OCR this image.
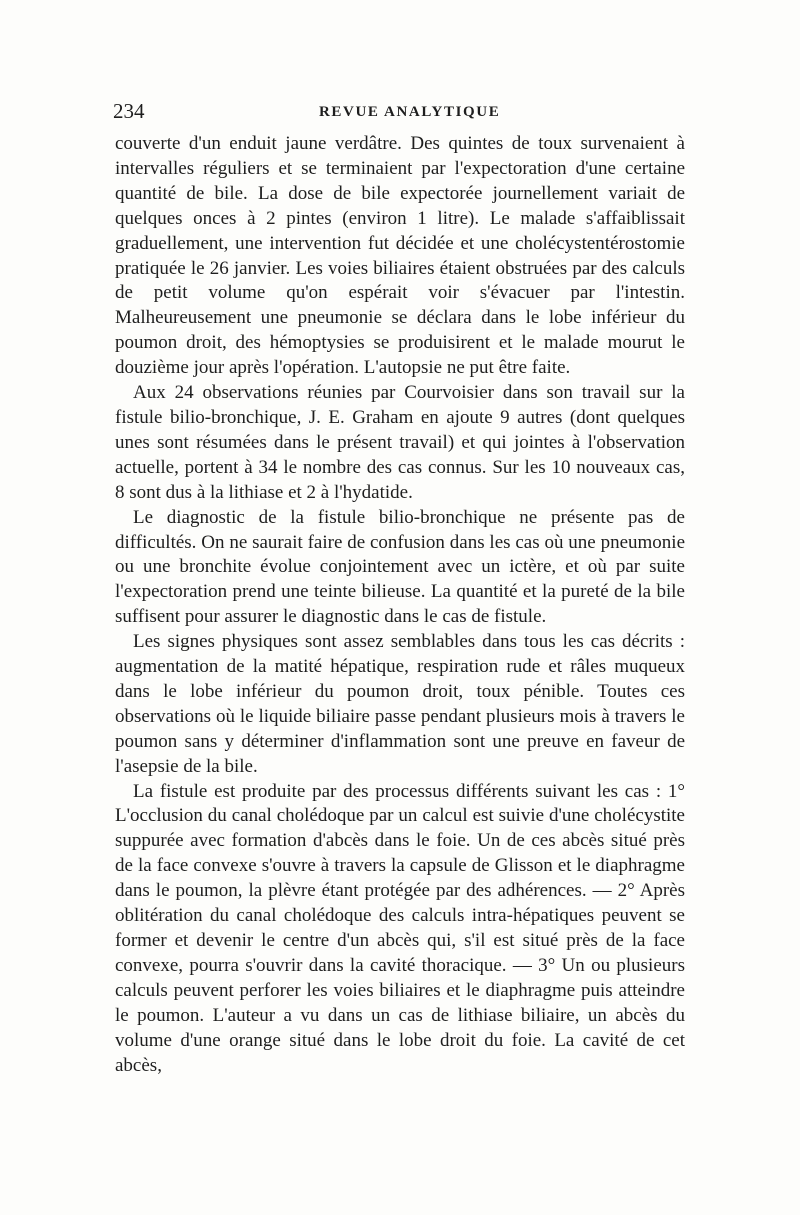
234	REVUE ANALYTIQUE

couverte d'un enduit jaune verdâtre. Des quintes de toux survenaient à intervalles réguliers et se terminaient par l'expectoration d'une certaine quantité de bile. La dose de bile expectorée journellement variait de quelques onces à 2 pintes (environ 1 litre). Le malade s'affaiblissait graduellement, une intervention fut décidée et une cholécystentérostomie pratiquée le 26 janvier. Les voies biliaires étaient obstruées par des calculs de petit volume qu'on espérait voir s'évacuer par l'intestin. Malheureusement une pneumonie se déclara dans le lobe inférieur du poumon droit, des hémoptysies se produisirent et le malade mourut le douzième jour après l'opération. L'autopsie ne put être faite.

Aux 24 observations réunies par Courvoisier dans son travail sur la fistule bilio-bronchique, J. E. Graham en ajoute 9 autres (dont quelques unes sont résumées dans le présent travail) et qui jointes à l'observation actuelle, portent à 34 le nombre des cas connus. Sur les 10 nouveaux cas, 8 sont dus à la lithiase et 2 à l'hydatide.

Le diagnostic de la fistule bilio-bronchique ne présente pas de difficultés. On ne saurait faire de confusion dans les cas où une pneumonie ou une bronchite évolue conjointement avec un ictère, et où par suite l'expectoration prend une teinte bilieuse. La quantité et la pureté de la bile suffisent pour assurer le diagnostic dans le cas de fistule.

Les signes physiques sont assez semblables dans tous les cas décrits : augmentation de la matité hépatique, respiration rude et râles muqueux dans le lobe inférieur du poumon droit, toux pénible. Toutes ces observations où le liquide biliaire passe pendant plusieurs mois à travers le poumon sans y déterminer d'inflammation sont une preuve en faveur de l'asepsie de la bile.

La fistule est produite par des processus différents suivant les cas : 1° L'occlusion du canal cholédoque par un calcul est suivie d'une cholécystite suppurée avec formation d'abcès dans le foie. Un de ces abcès situé près de la face convexe s'ouvre à travers la capsule de Glisson et le diaphragme dans le poumon, la plèvre étant protégée par des adhérences. — 2° Après oblitération du canal cholédoque des calculs intra-hépatiques peuvent se former et devenir le centre d'un abcès qui, s'il est situé près de la face convexe, pourra s'ouvrir dans la cavité thoracique. — 3° Un ou plusieurs calculs peuvent perforer les voies biliaires et le diaphragme puis atteindre le poumon. L'auteur a vu dans un cas de lithiase biliaire, un abcès du volume d'une orange situé dans le lobe droit du foie. La cavité de cet abcès,
